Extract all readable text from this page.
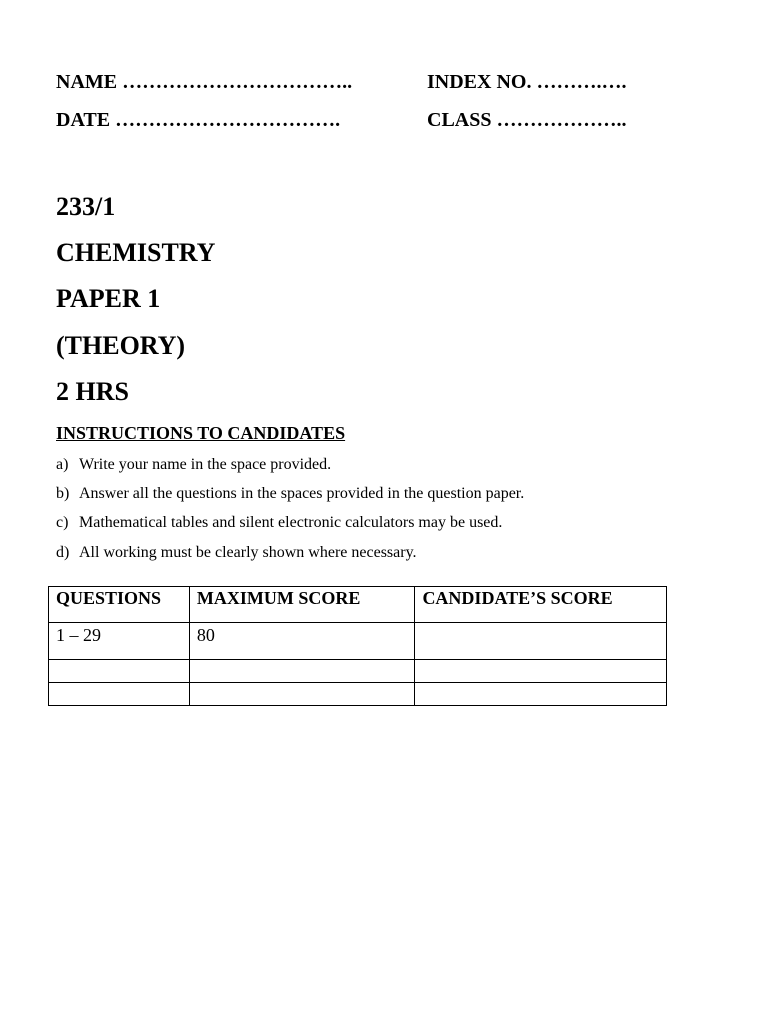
NAME ……………………………..	INDEX NO. ……….….
DATE …………………………….	CLASS ………………..
233/1
CHEMISTRY
PAPER 1
(THEORY)
2 HRS
INSTRUCTIONS TO CANDIDATES
a) Write your name in the space provided.
b) Answer all the questions in the spaces provided in the question paper.
c) Mathematical tables and silent electronic calculators may be used.
d) All working must be clearly shown where necessary.
QUESTIONS	MAXIMUM SCORE	CANDIDATE’S SCORE
1 – 29	80	
